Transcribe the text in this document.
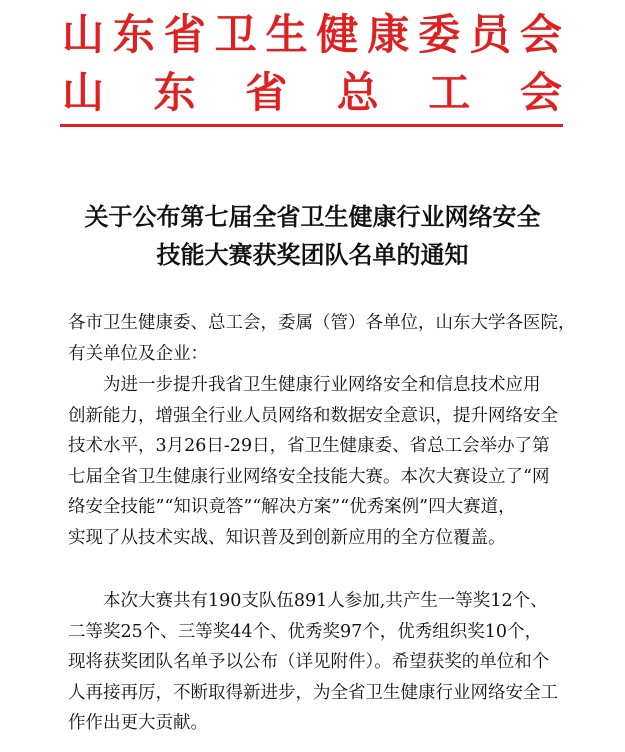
山 东 省 卫 生 健 康 委 员 会
山 东 省 总 工 会
关于公布第七届全省卫生健康行业网络安全
技能大赛获奖团队名单的通知
各市卫生健康委、总工会，委属（管）各单位，山东大学各医院，
有关单位及企业：
为进一步提升我省卫生健康行业网络安全和信息技术应用
创新能力，增强全行业人员网络和数据安全意识，提升网络安全
技术水平，3月26日-29日，省卫生健康委、省总工会举办了第
七届全省卫生健康行业网络安全技能大赛。本次大赛设立了“网
络安全技能”“知识竟答”“解决方案”“优秀案例”四大赛道，
实现了从技术实战、知识普及到创新应用的全方位覆盖。
本次大赛共有190支队伍891人参加,共产生一等奖12个、
二等奖25个、三等奖44个、优秀奖97个，优秀组织奖10个，
现将获奖团队名单予以公布（详见附件）。希望获奖的单位和个
人再接再厉，不断取得新进步，为全省卫生健康行业网络安全工
作作出更大贡献。
